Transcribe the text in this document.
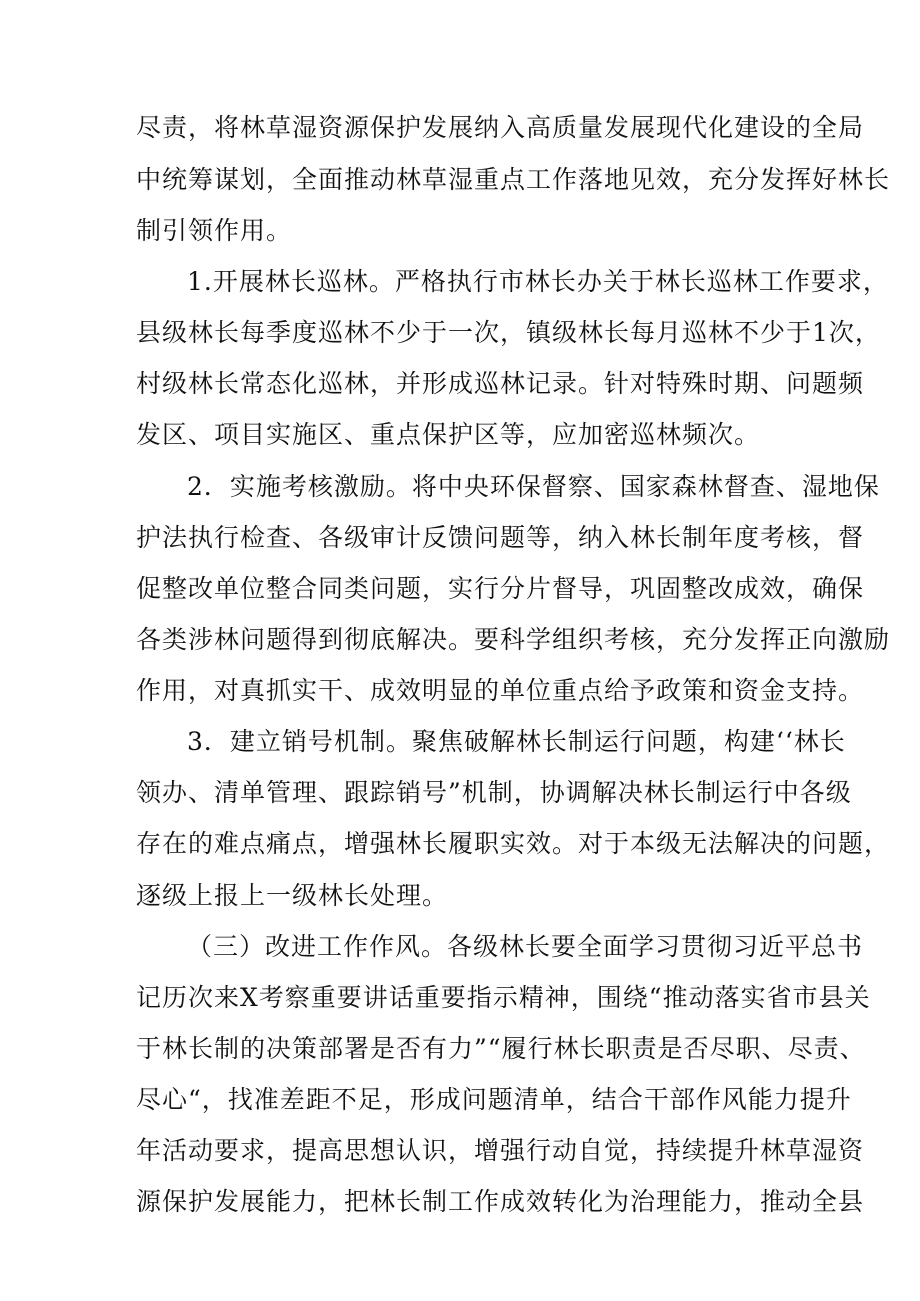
尽责，将林草湿资源保护发展纳入高质量发展现代化建设的全局
中统筹谋划，全面推动林草湿重点工作落地见效，充分发挥好林长
制引领作用。
1.开展林长巡林。严格执行市林长办关于林长巡林工作要求，
县级林长每季度巡林不少于一次，镇级林长每月巡林不少于1次，
村级林长常态化巡林，并形成巡林记录。针对特殊时期、问题频
发区、项目实施区、重点保护区等，应加密巡林频次。
2．实施考核激励。将中央环保督察、国家森林督查、湿地保
护法执行检查、各级审计反馈问题等，纳入林长制年度考核，督
促整改单位整合同类问题，实行分片督导，巩固整改成效，确保
各类涉林问题得到彻底解决。要科学组织考核，充分发挥正向激励
作用，对真抓实干、成效明显的单位重点给予政策和资金支持。
3．建立销号机制。聚焦破解林长制运行问题，构建‘‘林长
领办、清单管理、跟踪销号”机制，协调解决林长制运行中各级
存在的难点痛点，增强林长履职实效。对于本级无法解决的问题，
逐级上报上一级林长处理。
（三）改进工作作风。各级林长要全面学习贯彻习近平总书
记历次来X考察重要讲话重要指示精神，围绕“推动落实省市县关
于林长制的决策部署是否有力”“履行林长职责是否尽职、尽责、
尽心“，找准差距不足，形成问题清单，结合干部作风能力提升
年活动要求，提高思想认识，增强行动自觉，持续提升林草湿资
源保护发展能力，把林长制工作成效转化为治理能力，推动全县
